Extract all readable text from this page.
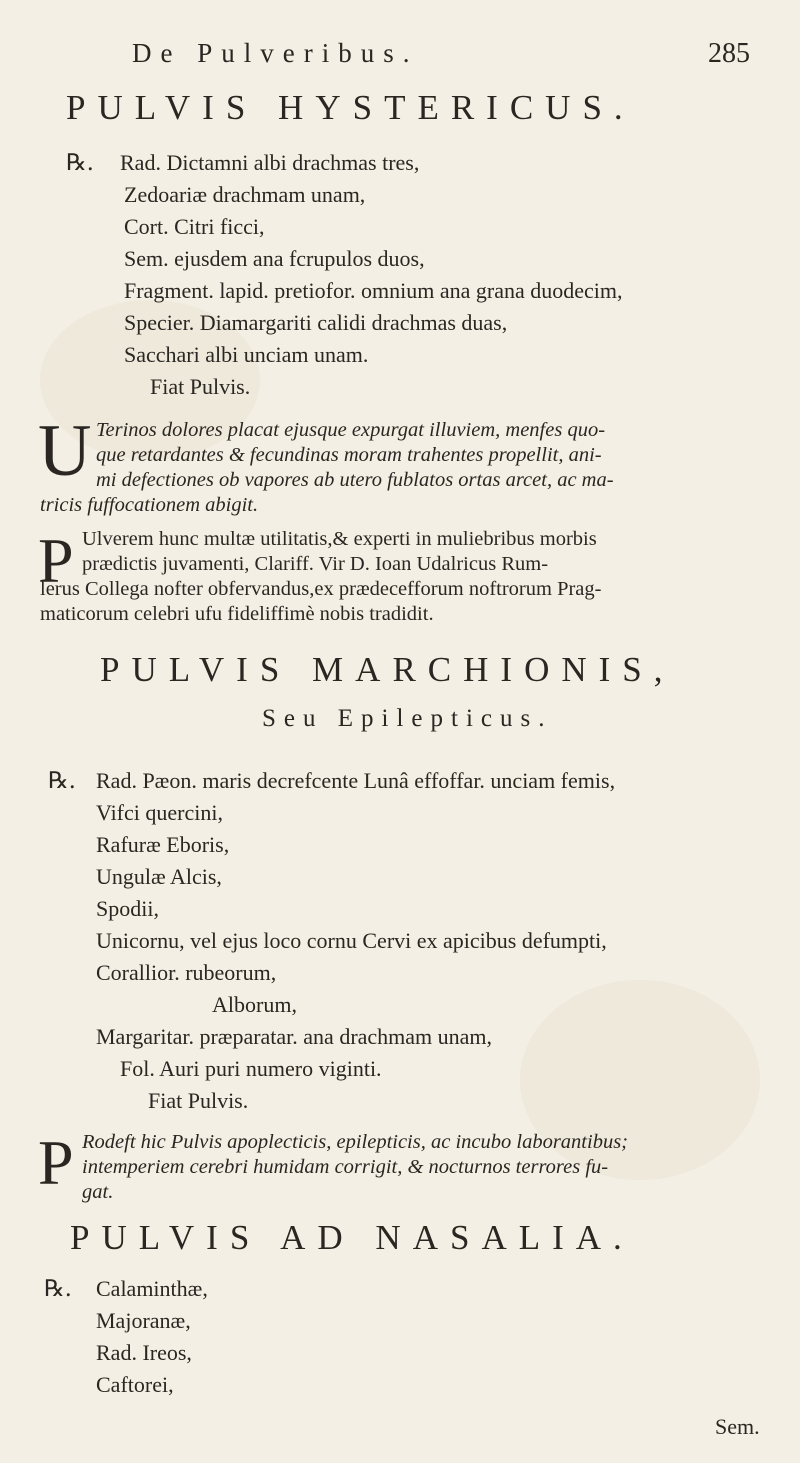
De Pulveribus.	285
PULVIS HYSTERICUS.
℞. Rad. Dictamni albi drachmas tres,
Zedoariæ drachmam unam,
Cort. Citri ficci,
Sem. ejusdem ana fcrupulos duos,
Fragment. lapid. pretiofor. omnium ana grana duodecim,
Specier. Diamargariti calidi drachmas duas,
Sacchari albi unciam unam.
Fiat Pulvis.
U Terinos dolores placat ejusque expurgat illuviem, menfes quo-
que retardantes & fecundinas moram trahentes propellit, ani-
mi defectiones ob vapores ab utero fublatos ortas arcet, ac ma-
tricis fuffocationem abigit.
P Ulverem hunc multæ utilitatis,& experti in muliebribus morbis
prædictis juvamenti, Clariff. Vir D. Ioan Udalricus Rum-
lerus Collega nofter obfervandus,ex prædecefforum noftrorum Prag-
maticorum celebri ufu fideliffimè nobis tradidit.
PULVIS MARCHIONIS,
Seu Epilepticus.
℞. Rad. Pæon. maris decrefcente Lunâ effoffar. unciam femis,
Vifci quercini,
Rafuræ Eboris,
Ungulæ Alcis,
Spodii,
Unicornu, vel ejus loco cornu Cervi ex apicibus defumpti,
Corallior. rubeorum,
Alborum,
Margaritar. præparatar. ana drachmam unam,
Fol. Auri puri numero viginti.
Fiat Pulvis.
P Rodeft hic Pulvis apoplecticis, epilepticis, ac incubo laborantibus;
intemperiem cerebri humidam corrigit, & nocturnos terrores fu-
gat.
PULVIS AD NASALIA.
℞. Calaminthæ,
Majoranæ,
Rad. Ireos,
Caftorei,
Sem.
